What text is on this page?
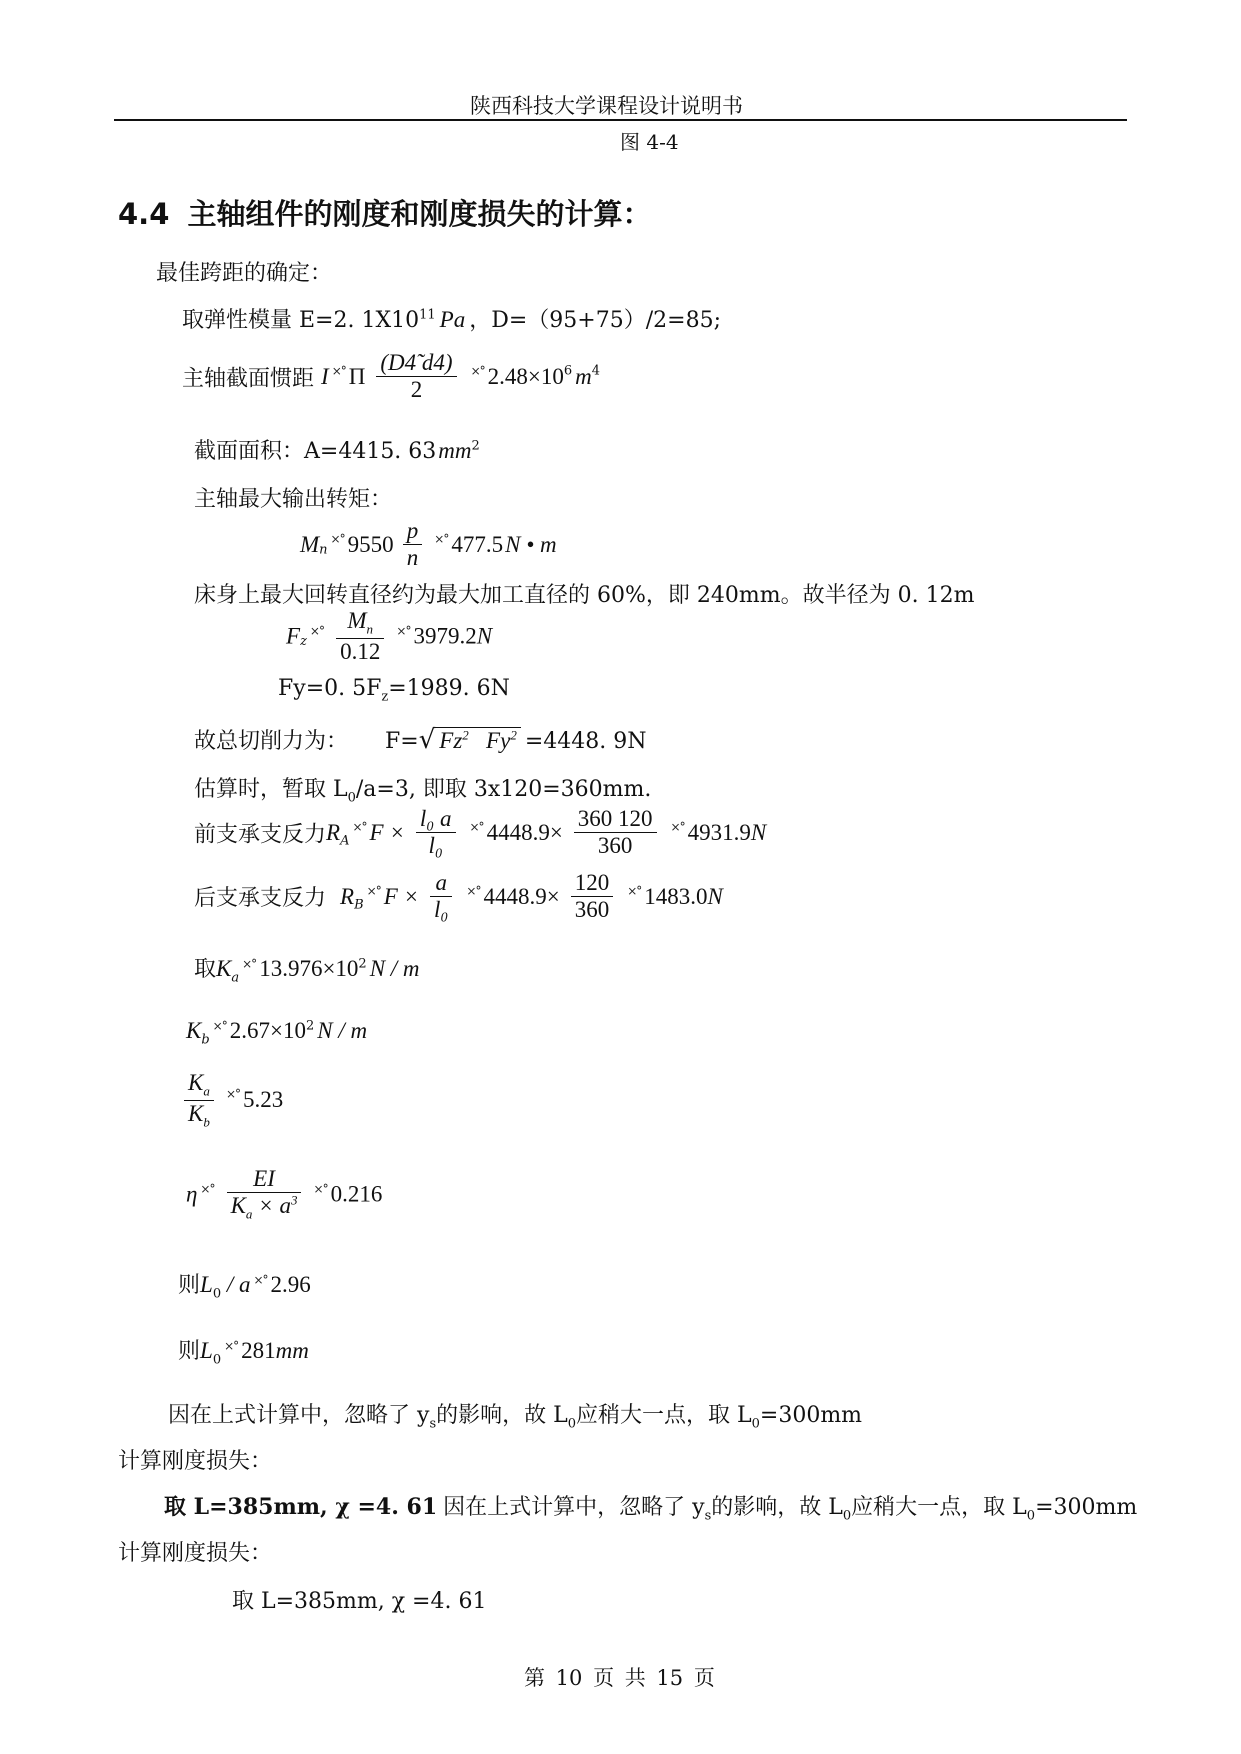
陕西科技大学课程设计说明书
图 4-4
4.4 主轴组件的刚度和刚度损失的计算：
最佳跨距的确定：
取弹性模量 E=2. $1X10^{11}$ Pa ，D=（95+75）/2=85;
主轴截面惯距 I ×° Π $\frac{(D4̃ d4)}{2} ^{\times^\circ}$ $2.48\times 10^6$ $m^4$
截面面积：A=4415. $63mm^2$
主轴最大输出转矩：
$M_n^{\times^\circ}$ $9550 \frac{p}{n} ^{\times^\circ}$ 477.5N • m
床身上最大回转直径约为最大加工直径的 60%，即 240mm。故半径为 0. 12m
$F_z^{\times^\circ} \frac{M_n}{0.12} ^{\times^\circ}$ 3979.2N
Fy=0. $5F_z=1989$. 6N
故总切削力为： F=√ Fz$^2$ $Fy^2 =4448$. 9N
估算时，暂取 $L_0/a=3$, 即取 3x120=360mm.
前支承支反力$R_A^{\times^\circ}$ $F \times \frac{\text{l₀ a}}{\text{l₀}} ^{\times^\circ}$ $4448.9\times \frac{360 120}{360} ^{\times^\circ}$ 4931.9N
后支承支反力 $R_B^{\times^\circ}$ $F \times \frac{a}{\text{l₀}} ^{\times^\circ}$ $4448.9\times \frac{120}{360} ^{\times^\circ}$ 1483.0N
取$K_a^{\times^\circ}$ $13.976\times 10^2$ N / m
$K_b^{\times^\circ}$ $2.67\times 10^2$ N / m
$\frac{K_a}{K_b} ^{\times^\circ}$ 5.23
η $^{\times^\circ} \frac{EI}{K_a \times a^3} ^{\times^\circ}$ 0.216
则$L_0$ / a ×° 2.96
则$L_0^{\times^\circ}$ 281mm
因在上式计算中，忽略了 $y_s$的影响，故 $L_0$应稍大一点，取 $L_0=300mm$
计算刚度损失：
取 L=385mm, χ =4. 61 因在上式计算中，忽略了 $y_s$的影响，故 $L_0$应稍大一点，取 $L_0=300mm$
计算刚度损失：
取 L=385mm, χ =4. 61
第 10 页 共 15 页
